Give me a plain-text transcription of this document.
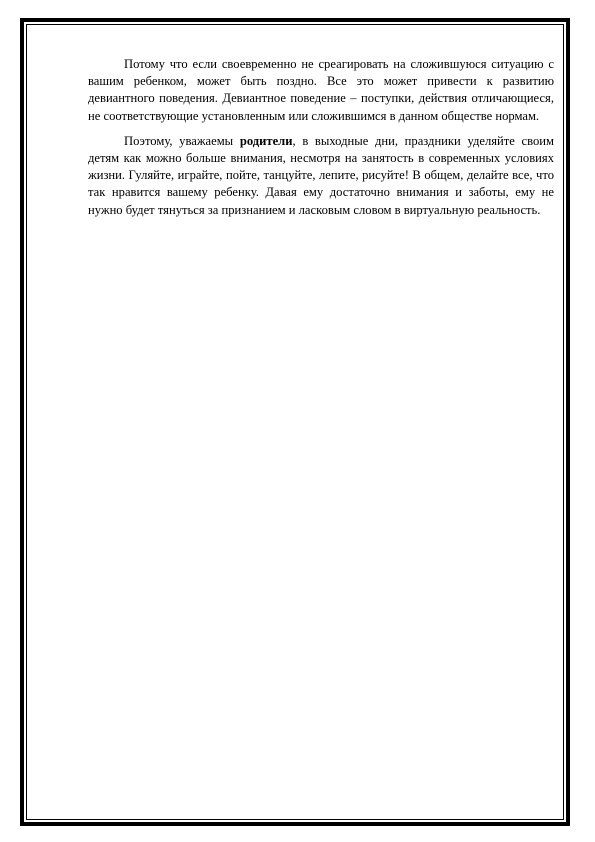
Потому что если своевременно не среагировать на сложившуюся ситуацию с вашим ребенком, может быть поздно. Все это может привести к развитию девиантного поведения. Девиантное поведение – поступки, действия отличающиеся, не соответствующие установленным или сложившимся в данном обществе нормам.

Поэтому, уважаемы родители, в выходные дни, праздники уделяйте своим детям как можно больше внимания, несмотря на занятость в современных условиях жизни. Гуляйте, играйте, пойте, танцуйте, лепите, рисуйте! В общем, делайте все, что так нравится вашему ребенку. Давая ему достаточно внимания и заботы, ему не нужно будет тянуться за признанием и ласковым словом в виртуальную реальность.
